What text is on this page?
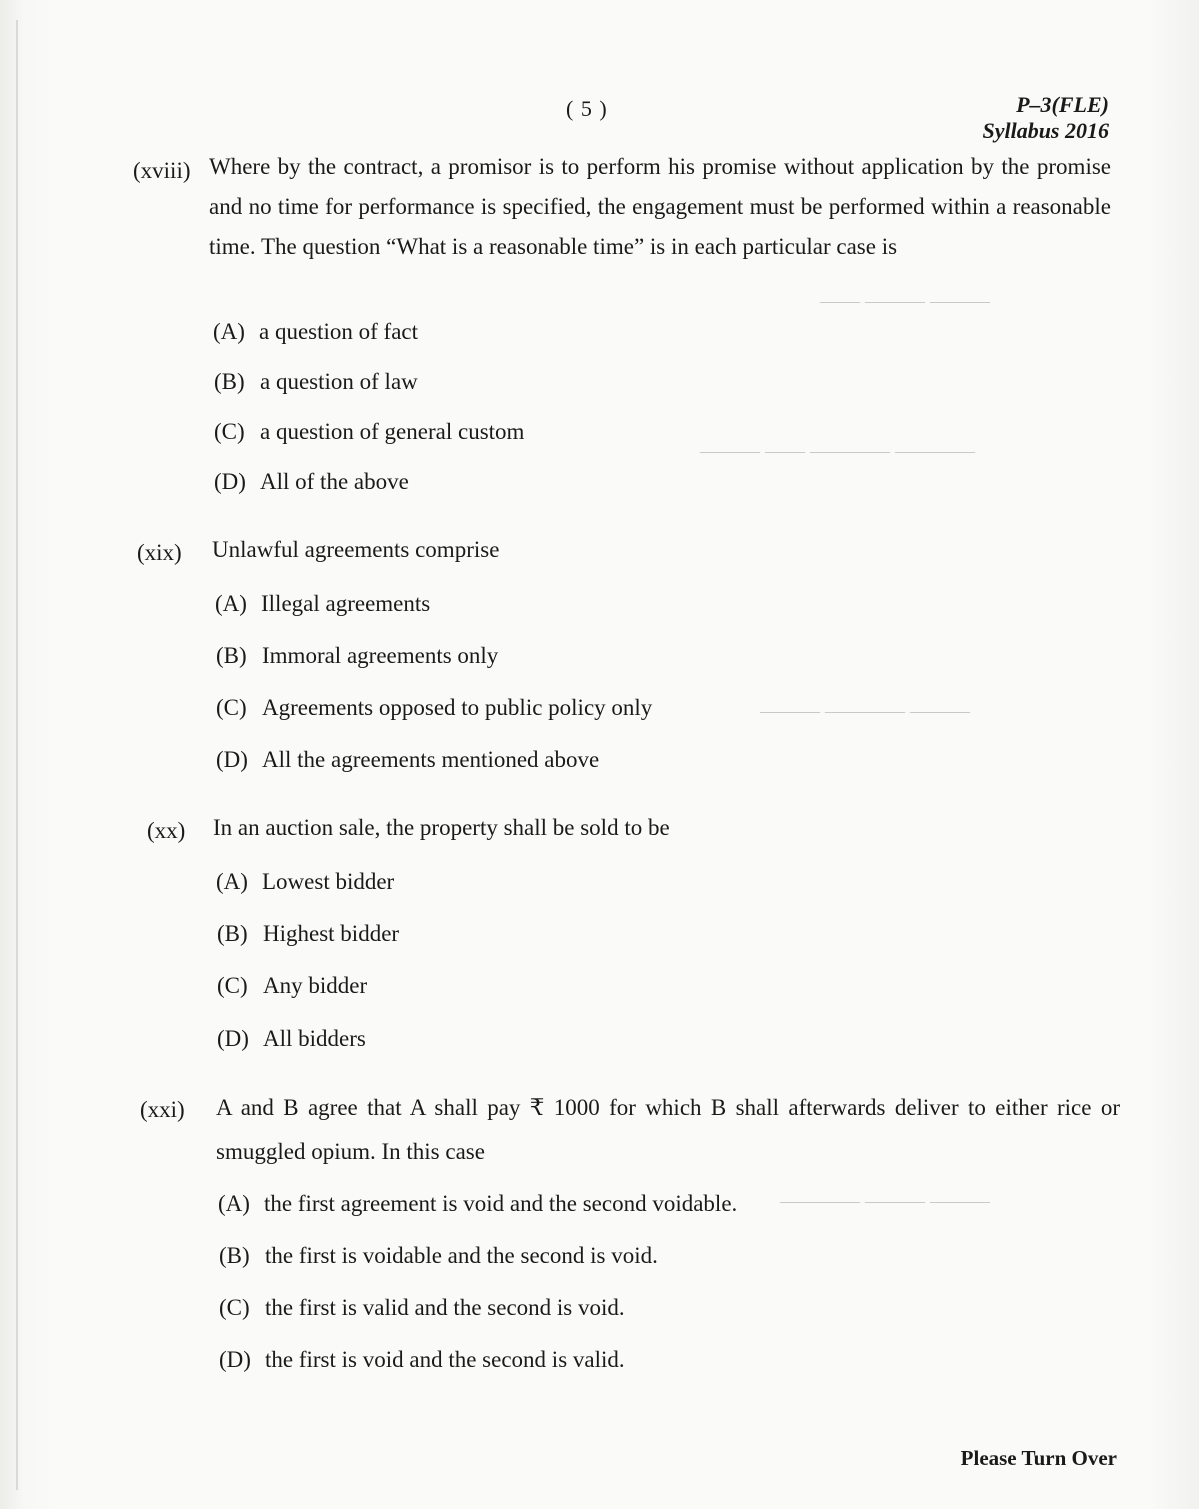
——— ——— ——
———— ———— —— ———
——— ———— ———
——— ——— ————
( 5 )	P–3(FLE)
Syllabus 2016
(xviii) Where by the contract, a promisor is to perform his promise without application by the promise and no time for performance is specified, the engagement must be performed within a reasonable time. The question “What is a reasonable time” is in each particular case is
(A) a question of fact
(B) a question of law
(C) a question of general custom
(D) All of the above
(xix) Unlawful agreements comprise
(A) Illegal agreements
(B) Immoral agreements only
(C) Agreements opposed to public policy only
(D) All the agreements mentioned above
(xx) In an auction sale, the property shall be sold to be
(A) Lowest bidder
(B) Highest bidder
(C) Any bidder
(D) All bidders
(xxi) A and B agree that A shall pay ₹ 1000 for which B shall afterwards deliver to either rice or smuggled opium. In this case
(A) the first agreement is void and the second voidable.
(B) the first is voidable and the second is void.
(C) the first is valid and the second is void.
(D) the first is void and the second is valid.
Please Turn Over
